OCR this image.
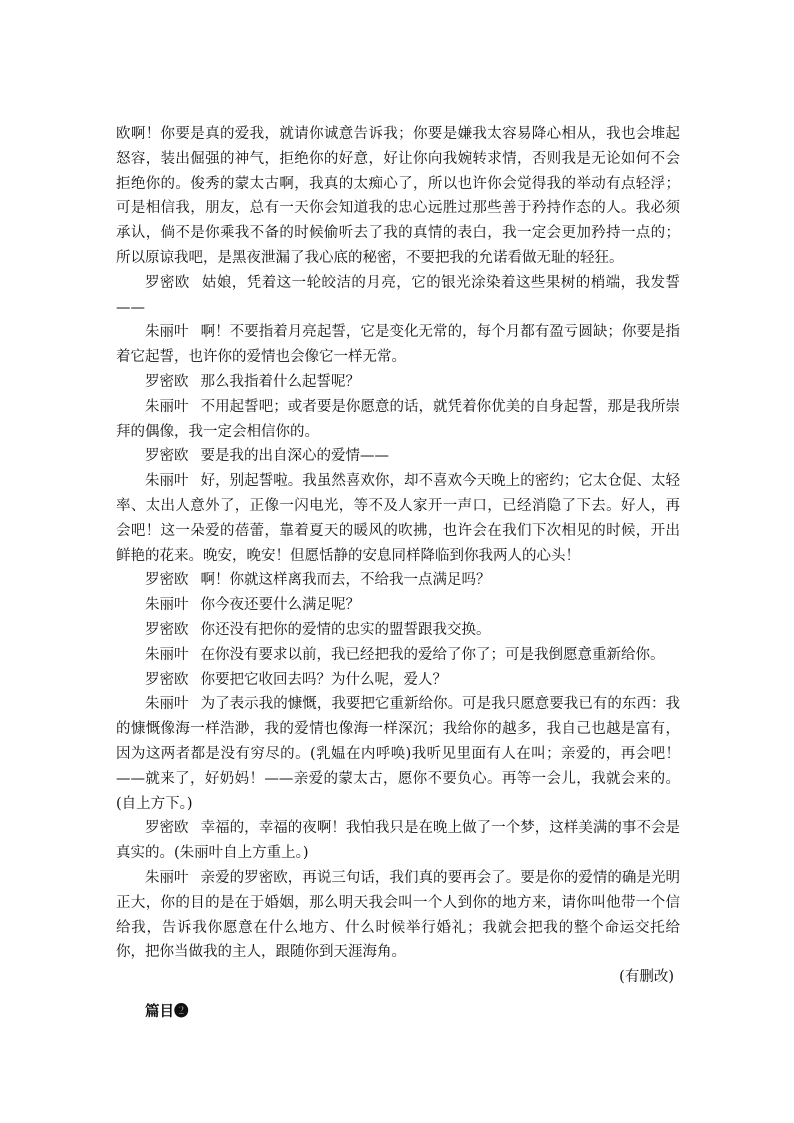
欧啊！你要是真的爱我，就请你诚意告诉我；你要是嫌我太容易降心相从，我也会堆起怒容，装出倔强的神气，拒绝你的好意，好让你向我婉转求情，否则我是无论如何不会拒绝你的。俊秀的蒙太古啊，我真的太痴心了，所以也许你会觉得我的举动有点轻浮；可是相信我，朋友，总有一天你会知道我的忠心远胜过那些善于矜持作态的人。我必须承认，倘不是你乘我不备的时候偷听去了我的真情的表白，我一定会更加矜持一点的；所以原谅我吧，是黑夜泄漏了我心底的秘密，不要把我的允诺看做无耻的轻狂。

罗密欧 姑娘，凭着这一轮皎洁的月亮，它的银光涂染着这些果树的梢端，我发誓——

朱丽叶 啊！不要指着月亮起誓，它是变化无常的，每个月都有盈亏圆缺；你要是指着它起誓，也许你的爱情也会像它一样无常。

罗密欧 那么我指着什么起誓呢？

朱丽叶 不用起誓吧；或者要是你愿意的话，就凭着你优美的自身起誓，那是我所崇拜的偶像，我一定会相信你的。

罗密欧 要是我的出自深心的爱情——

朱丽叶 好，别起誓啦。我虽然喜欢你，却不喜欢今天晚上的密约；它太仓促、太轻率、太出人意外了，正像一闪电光，等不及人家开一声口，已经消隐了下去。好人，再会吧！这一朵爱的蓓蕾，靠着夏天的暖风的吹拂，也许会在我们下次相见的时候，开出鲜艳的花来。晚安，晚安！但愿恬静的安息同样降临到你我两人的心头！

罗密欧 啊！你就这样离我而去，不给我一点满足吗？

朱丽叶 你今夜还要什么满足呢？

罗密欧 你还没有把你的爱情的忠实的盟誓跟我交换。

朱丽叶 在你没有要求以前，我已经把我的爱给了你了；可是我倒愿意重新给你。

罗密欧 你要把它收回去吗？为什么呢，爱人？

朱丽叶 为了表示我的慷慨，我要把它重新给你。可是我只愿意要我已有的东西：我的慷慨像海一样浩渺，我的爱情也像海一样深沉；我给你的越多，我自己也越是富有，因为这两者都是没有穷尽的。(乳媪在内呼唤)我听见里面有人在叫；亲爱的，再会吧！——就来了，好奶妈！——亲爱的蒙太古，愿你不要负心。再等一会儿，我就会来的。(自上方下。)

罗密欧 幸福的，幸福的夜啊！我怕我只是在晚上做了一个梦，这样美满的事不会是真实的。(朱丽叶自上方重上。)

朱丽叶 亲爱的罗密欧，再说三句话，我们真的要再会了。要是你的爱情的确是光明正大，你的目的是在于婚姻，那么明天我会叫一个人到你的地方来，请你叫他带一个信给我，告诉我你愿意在什么地方、什么时候举行婚礼；我就会把我的整个命运交托给你，把你当做我的主人，跟随你到天涯海角。

(有删改)

篇目❷
